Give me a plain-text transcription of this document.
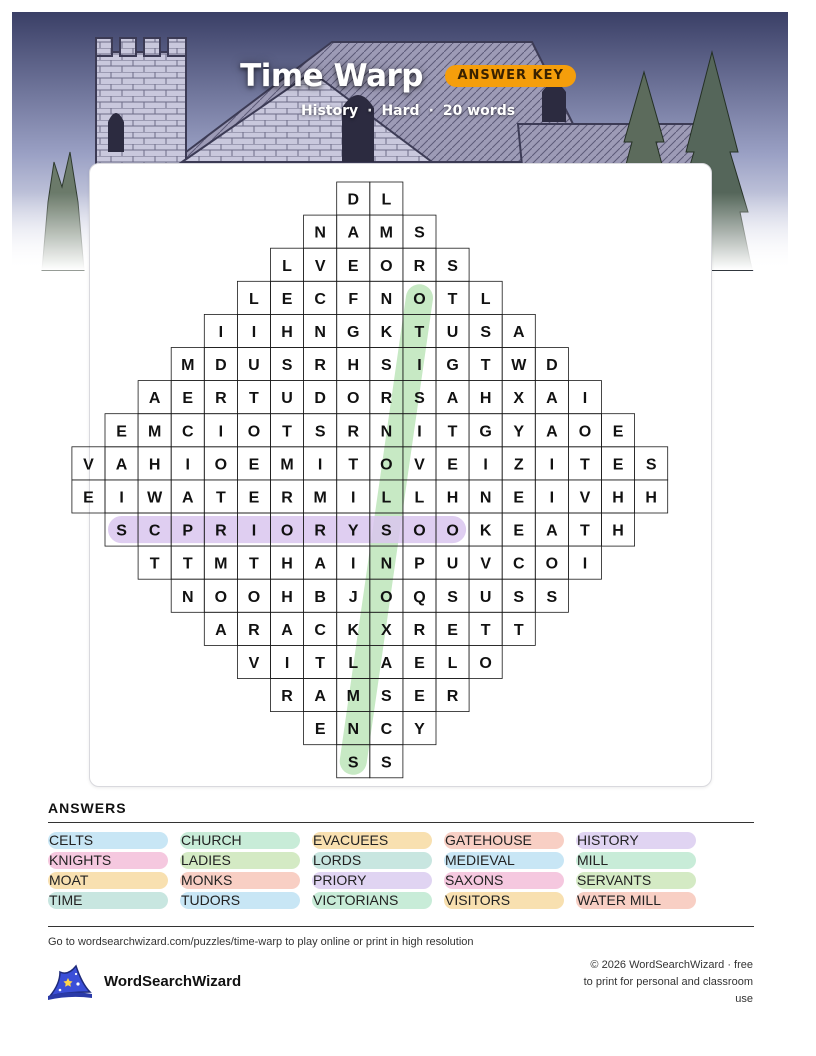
Time Warp	ANSWER KEY
History · Hard · 20 words
D L
N A M S
L V E O R S
L E C F N O T L
I I H N G K T U S A
M D U S R H S I G T W D
A E R T U D O R S A H X A I
E M C I O T S R N I T G Y A O E
V A H I O E M I T O V E I Z I T E S
E I W A T E R M I L L H N E I V H H
S C P R I O R Y S O O K E A T H
T T M T H A I N P U V C O I
N O O H B J O Q S U S S
A R A C K X R E T T
V I T L A E L O
R A M S E R
E N C Y
S S
ANSWERS
CELTS
KNIGHTS
MOAT
TIME
CHURCH
LADIES
MONKS
TUDORS
EVACUEES
LORDS
PRIORY
VICTORIANS
GATEHOUSE
MEDIEVAL
SAXONS
VISITORS
HISTORY
MILL
SERVANTS
WATER MILL
Go to wordsearchwizard.com/puzzles/time-warp to play online or print in high resolution
WordSearchWizard
© 2026 WordSearchWizard · free to print for personal and classroom use
